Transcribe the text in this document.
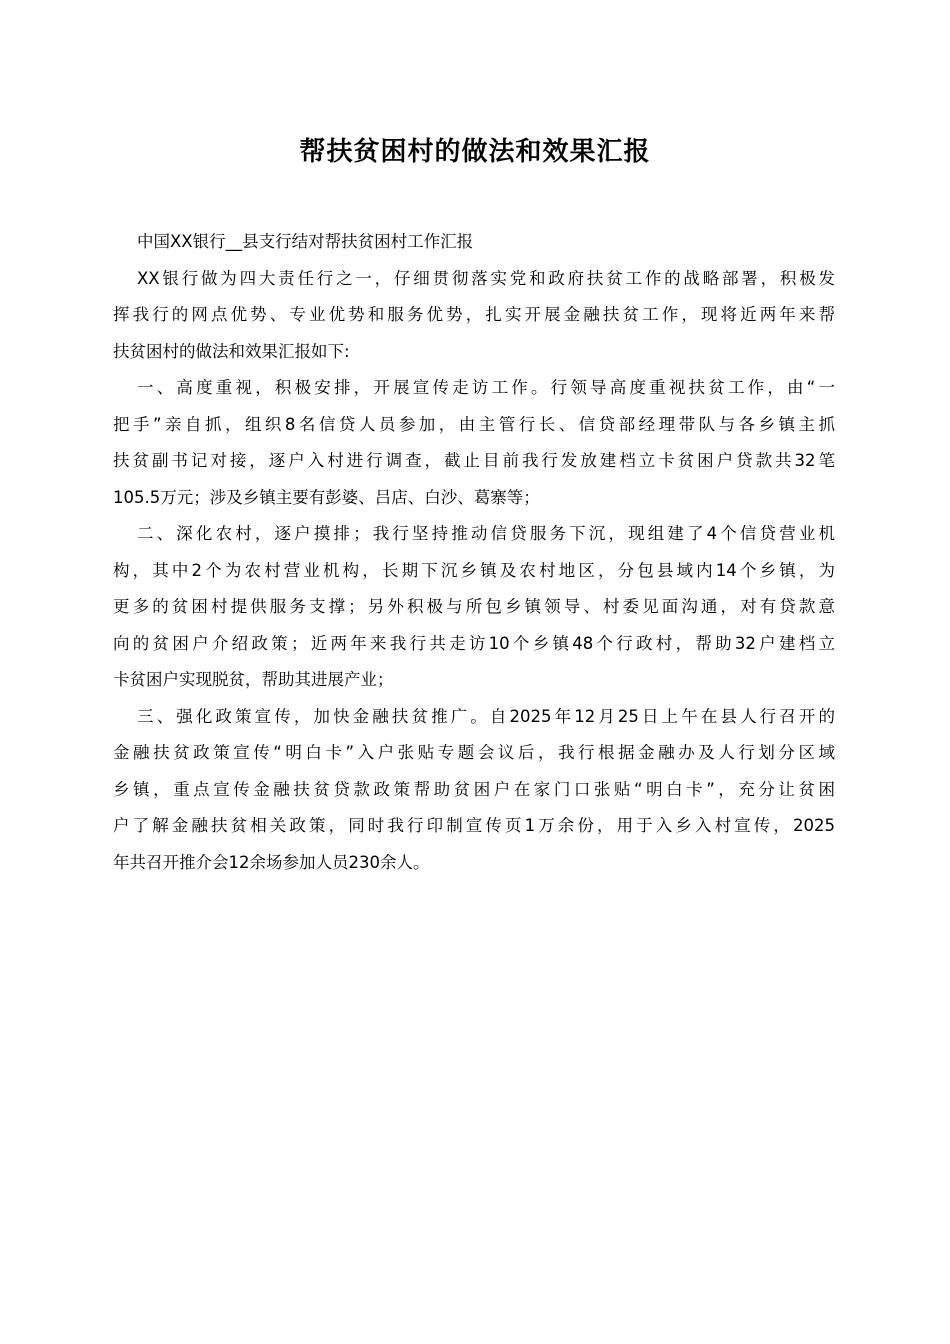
帮扶贫困村的做法和效果汇报
中国XX银行__县支行结对帮扶贫困村工作汇报
XX银行做为四大责任行之一，仔细贯彻落实党和政府扶贫工作的战略部署，积极发
挥我行的网点优势、专业优势和服务优势，扎实开展金融扶贫工作，现将近两年来帮
扶贫困村的做法和效果汇报如下:
一、高度重视，积极安排，开展宣传走访工作。行领导高度重视扶贫工作，由“一
把手”亲自抓，组织8名信贷人员参加，由主管行长、信贷部经理带队与各乡镇主抓
扶贫副书记对接，逐户入村进行调查，截止目前我行发放建档立卡贫困户贷款共32笔
105.5万元；涉及乡镇主要有彭婆、吕店、白沙、葛寨等；
二、深化农村，逐户摸排；我行坚持推动信贷服务下沉，现组建了4个信贷营业机
构，其中2个为农村营业机构，长期下沉乡镇及农村地区，分包县域内14个乡镇，为
更多的贫困村提供服务支撑；另外积极与所包乡镇领导、村委见面沟通，对有贷款意
向的贫困户介绍政策；近两年来我行共走访10个乡镇48个行政村，帮助32户建档立
卡贫困户实现脱贫，帮助其进展产业；
三、强化政策宣传，加快金融扶贫推广。自2025年12月25日上午在县人行召开的
金融扶贫政策宣传“明白卡”入户张贴专题会议后，我行根据金融办及人行划分区域
乡镇，重点宣传金融扶贫贷款政策帮助贫困户在家门口张贴“明白卡”，充分让贫困
户了解金融扶贫相关政策，同时我行印制宣传页1万余份，用于入乡入村宣传，2025
年共召开推介会12余场参加人员230余人。
